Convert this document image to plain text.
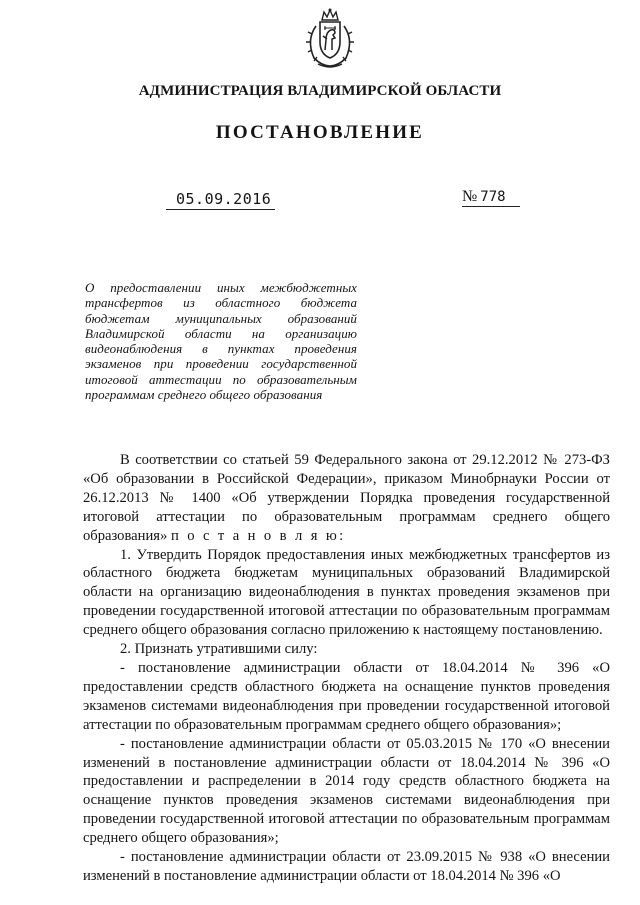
АДМИНИСТРАЦИЯ ВЛАДИМИРСКОЙ ОБЛАСТИ
ПОСТАНОВЛЕНИЕ
05.09.2016	№ 778
О предоставлении иных межбюджетных трансфертов из областного бюджета бюджетам муниципальных образований Владимирской области на организацию видеонаблюдения в пунктах проведения экзаменов при проведении государственной итоговой аттестации по образовательным программам среднего общего образования

В соответствии со статьей 59 Федерального закона от 29.12.2012 № 273-ФЗ «Об образовании в Российской Федерации», приказом Минобрнауки России от 26.12.2013 № 1400 «Об утверждении Порядка проведения государственной итоговой аттестации по образовательным программам среднего общего образования» п о с т а н о в л я ю:

1. Утвердить Порядок предоставления иных межбюджетных трансфертов из областного бюджета бюджетам муниципальных образований Владимирской области на организацию видеонаблюдения в пунктах проведения экзаменов при проведении государственной итоговой аттестации по образовательным программам среднего общего образования согласно приложению к настоящему постановлению.

2. Признать утратившими силу:

- постановление администрации области от 18.04.2014 № 396 «О предоставлении средств областного бюджета на оснащение пунктов проведения экзаменов системами видеонаблюдения при проведении государственной итоговой аттестации по образовательным программам среднего общего образования»;

- постановление администрации области от 05.03.2015 № 170 «О внесении изменений в постановление администрации области от 18.04.2014 № 396 «О предоставлении и распределении в 2014 году средств областного бюджета на оснащение пунктов проведения экзаменов системами видеонаблюдения при проведении государственной итоговой аттестации по образовательным программам среднего общего образования»;

- постановление администрации области от 23.09.2015 № 938 «О внесении изменений в постановление администрации области от 18.04.2014 № 396 «О
